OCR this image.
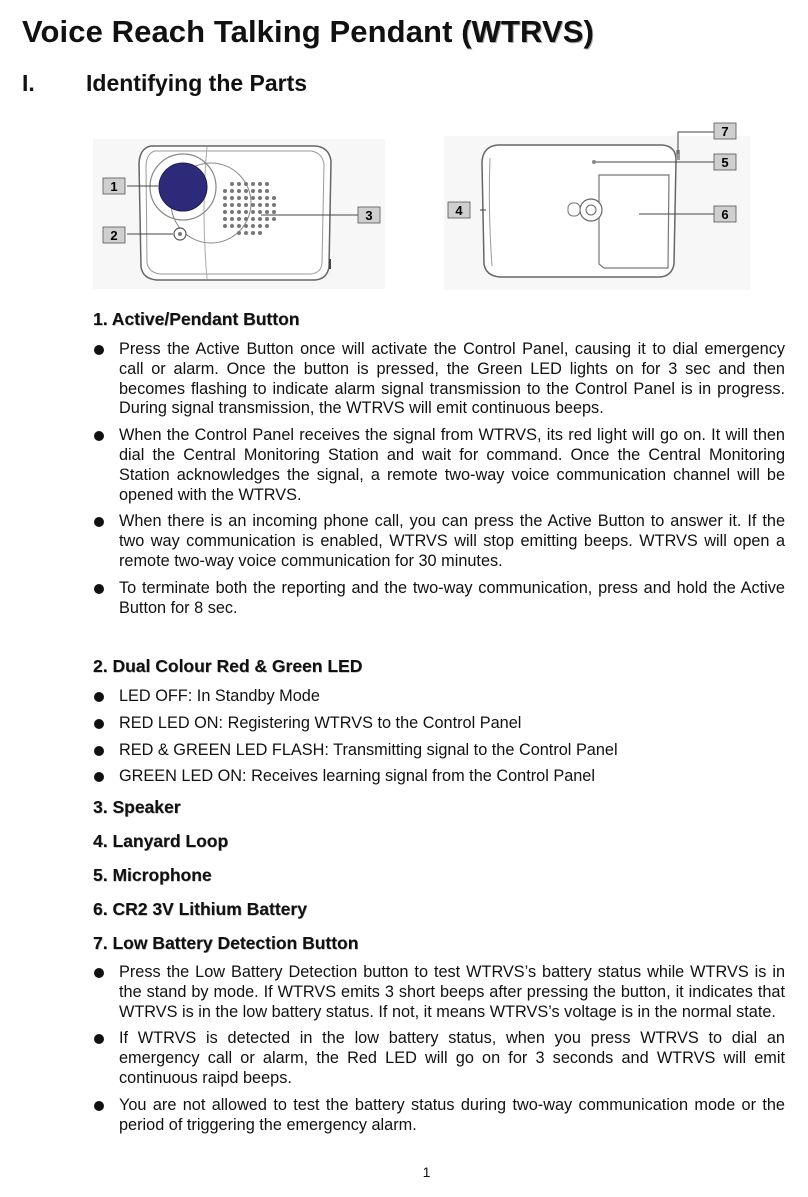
Voice Reach Talking Pendant (WTRVS)
I. Identifying the Parts
1
2
3	4
5
6
7
1. Active/Pendant Button
Press the Active Button once will activate the Control Panel, causing it to dial emergency call or alarm. Once the button is pressed, the Green LED lights on for 3 sec and then becomes flashing to indicate alarm signal transmission to the Control Panel is in progress. During signal transmission, the WTRVS will emit continuous beeps.
When the Control Panel receives the signal from WTRVS, its red light will go on. It will then dial the Central Monitoring Station and wait for command. Once the Central Monitoring Station acknowledges the signal, a remote two-way voice communication channel will be opened with the WTRVS.
When there is an incoming phone call, you can press the Active Button to answer it. If the two way communication is enabled, WTRVS will stop emitting beeps. WTRVS will open a remote two-way voice communication for 30 minutes.
To terminate both the reporting and the two-way communication, press and hold the Active Button for 8 sec.
2. Dual Colour Red & Green LED
LED OFF: In Standby Mode
RED LED ON: Registering WTRVS to the Control Panel
RED & GREEN LED FLASH: Transmitting signal to the Control Panel
GREEN LED ON: Receives learning signal from the Control Panel
3. Speaker
4. Lanyard Loop
5. Microphone
6. CR2 3V Lithium Battery
7. Low Battery Detection Button
Press the Low Battery Detection button to test WTRVS’s battery status while WTRVS is in the stand by mode. If WTRVS emits 3 short beeps after pressing the button, it indicates that WTRVS is in the low battery status. If not, it means WTRVS’s voltage is in the normal state.
If WTRVS is detected in the low battery status, when you press WTRVS to dial an emergency call or alarm, the Red LED will go on for 3 seconds and WTRVS will emit continuous raipd beeps.
You are not allowed to test the battery status during two-way communication mode or the period of triggering the emergency alarm.
1
